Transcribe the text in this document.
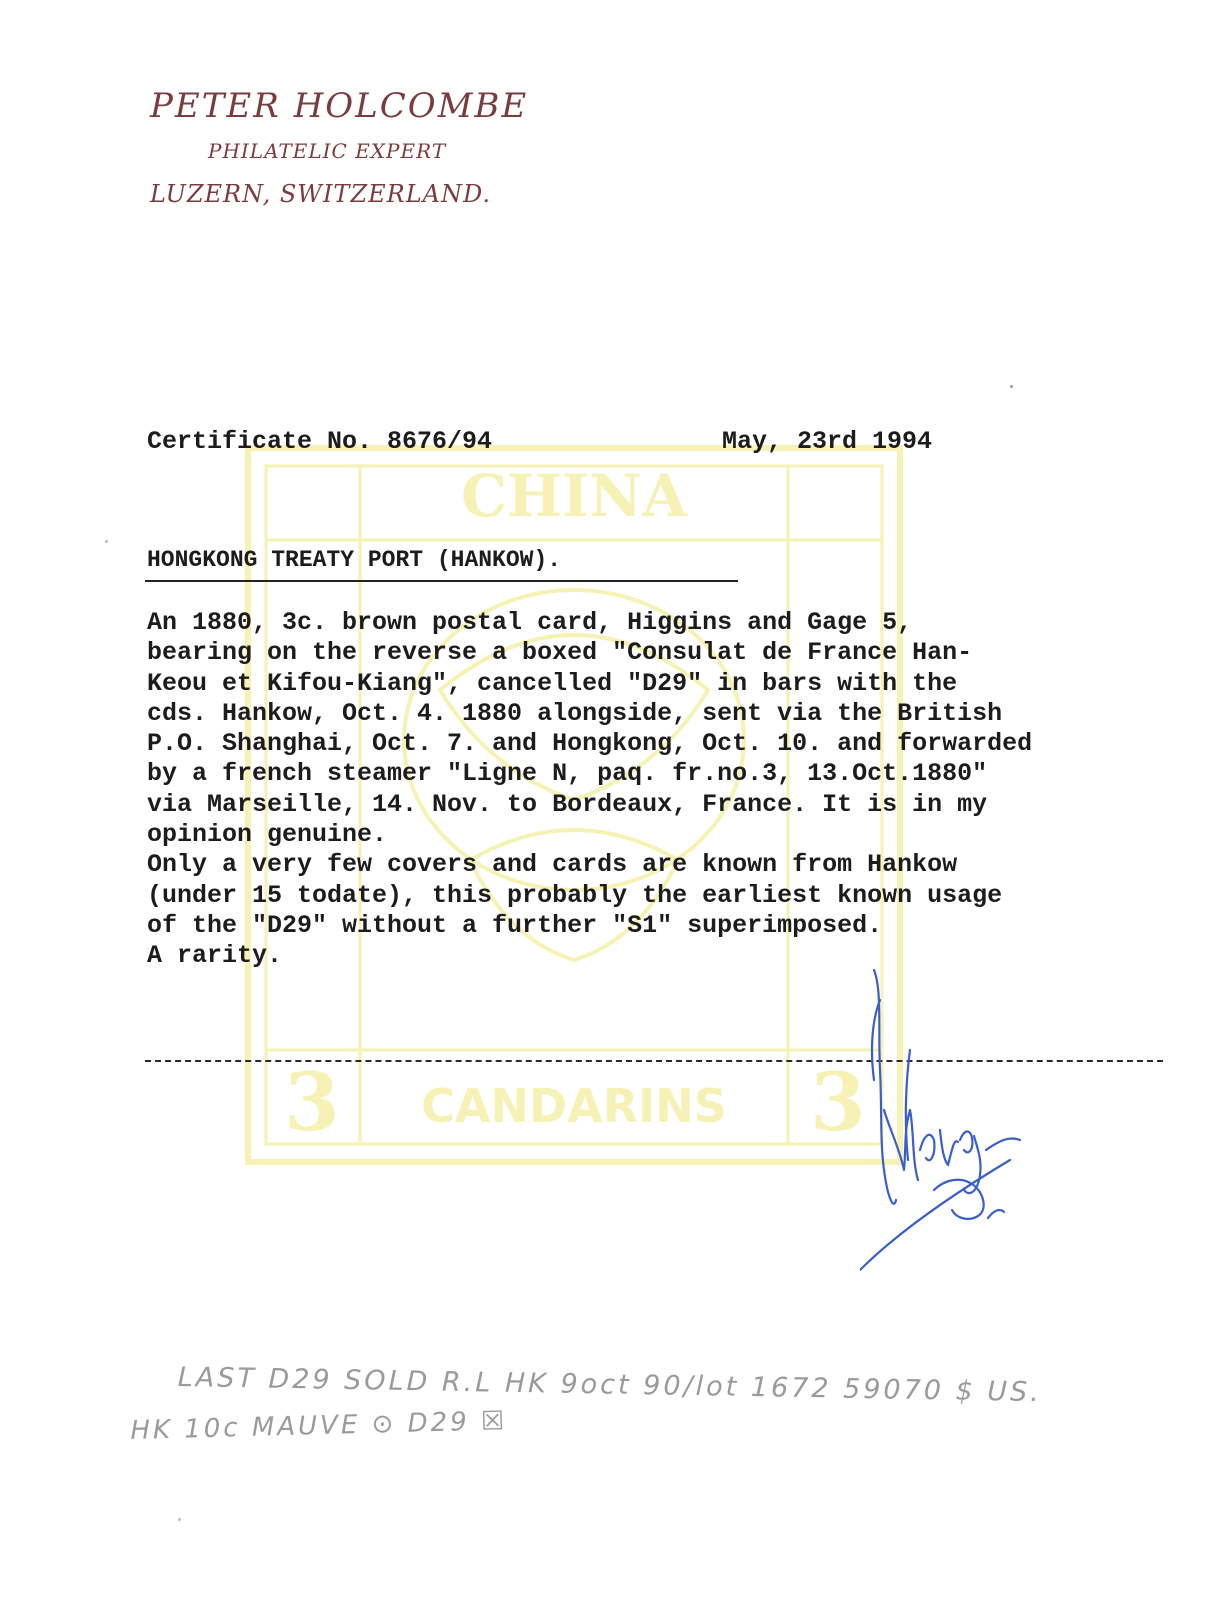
CHINA
CANDARINS
3	3
PETER HOLCOMBE
PHILATELIC EXPERT
LUZERN, SWITZERLAND.
Certificate No. 8676/94	May, 23rd 1994
HONGKONG TREATY PORT (HANKOW).
An 1880, 3c. brown postal card, Higgins and Gage 5,
bearing on the reverse a boxed "Consulat de France Han-
Keou et Kifou-Kiang", cancelled "D29" in bars with the
cds. Hankow, Oct. 4. 1880 alongside, sent via the British
P.O. Shanghai, Oct. 7. and Hongkong, Oct. 10. and forwarded
by a french steamer "Ligne N, paq. fr.no.3, 13.Oct.1880"
via Marseille, 14. Nov. to Bordeaux, France. It is in my
opinion genuine.
Only a very few covers and cards are known from Hankow
(under 15 todate), this probably the earliest known usage
of the "D29" without a further "S1" superimposed.
A rarity.
LAST D29 SOLD R.L HK 9oct 90/lot 1672 59070 $ US.
HK 10c MAUVE ⊙ D29 ☒
